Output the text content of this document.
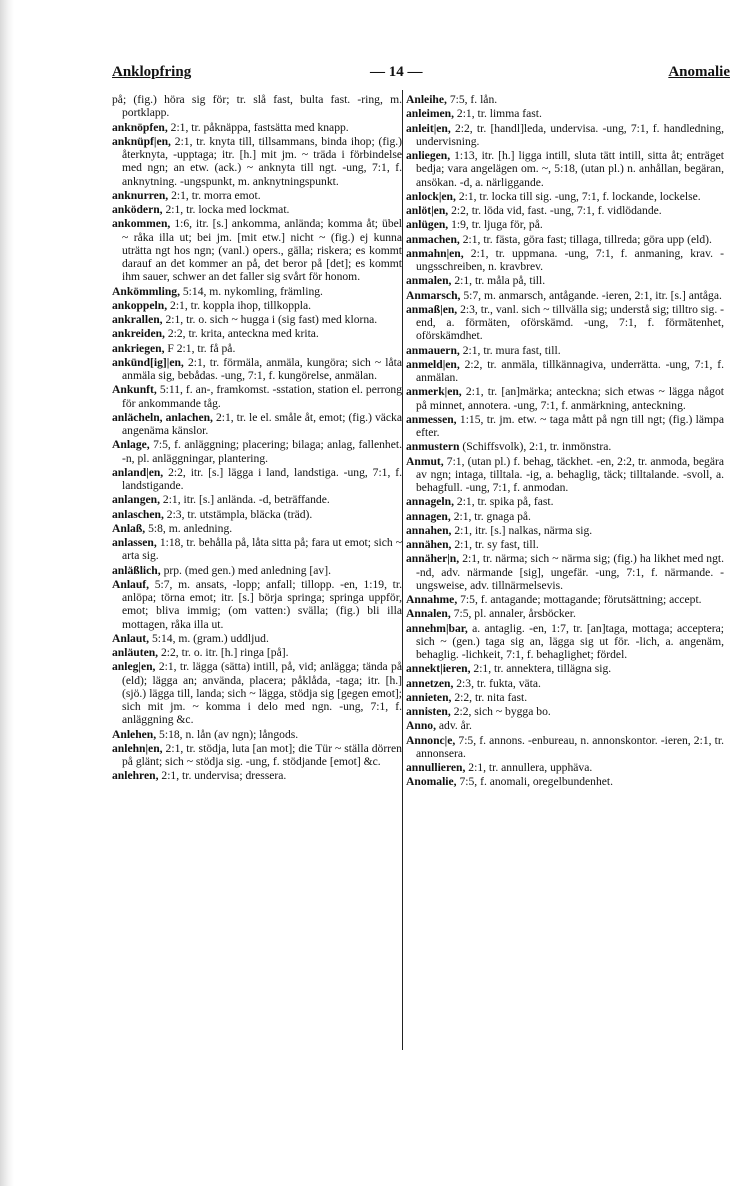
Anklopfring	— 14 —	Anomalie
på; (fig.) höra sig för; tr. slå fast, bulta fast. -ring, m. portklapp.
anknöpfen, 2:1, tr. påknäppa, fastsätta med knapp.
anknüpf|en, 2:1, tr. knyta till, tillsammans, binda ihop; (fig.) återknyta, -upptaga; itr. [h.] mit jm. ~ träda i förbindelse med ngn; an etw. (ack.) ~ anknyta till ngt. -ung, 7:1, f. anknytning. -ungspunkt, m. anknytningspunkt.
anknurren, 2:1, tr. morra emot.
anködern, 2:1, tr. locka med lockmat.
ankommen, 1:6, itr. [s.] ankomma, anlända; komma åt; übel ~ råka illa ut; bei jm. [mit etw.] nicht ~ (fig.) ej kunna uträtta ngt hos ngn; (vanl.) opers., gälla; riskera; es kommt darauf an det kommer an på, det beror på [det]; es kommt ihm sauer, schwer an det faller sig svårt för honom.
Ankömmling, 5:14, m. nykomling, främling.
ankoppeln, 2:1, tr. koppla ihop, tillkoppla.
ankrallen, 2:1, tr. o. sich ~ hugga i (sig fast) med klorna.
ankreiden, 2:2, tr. krita, anteckna med krita.
ankriegen, F 2:1, tr. få på.
ankünd[ig]|en, 2:1, tr. förmäla, anmäla, kungöra; sich ~ låta anmäla sig, bebådas. -ung, 7:1, f. kungörelse, anmälan.
Ankunft, 5:11, f. an-, framkomst. -sstation, station el. perrong för ankommande tåg.
anlächeln, anlachen, 2:1, tr. le el. småle åt, emot; (fig.) väcka angenäma känslor.
Anlage, 7:5, f. anläggning; placering; bilaga; anlag, fallenhet. -n, pl. anläggningar, plantering.
anland|en, 2:2, itr. [s.] lägga i land, landstiga. -ung, 7:1, f. landstigande.
anlangen, 2:1, itr. [s.] anlända. -d, beträffande.
anlaschen, 2:3, tr. utstämpla, bläcka (träd).
Anlaß, 5:8, m. anledning.
anlassen, 1:18, tr. behålla på, låta sitta på; fara ut emot; sich ~ arta sig.
anläßlich, prp. (med gen.) med anledning [av].
Anlauf, 5:7, m. ansats, -lopp; anfall; tillopp. -en, 1:19, tr. anlöpa; törna emot; itr. [s.] börja springa; springa uppför, emot; bliva immig; (om vatten:) svälla; (fig.) bli illa mottagen, råka illa ut.
Anlaut, 5:14, m. (gram.) uddljud.
anläuten, 2:2, tr. o. itr. [h.] ringa [på].
anleg|en, 2:1, tr. lägga (sätta) intill, på, vid; anlägga; tända på (eld); lägga an; använda, placera; påklåda, -taga; itr. [h.] (sjö.) lägga till, landa; sich ~ lägga, stödja sig [gegen emot]; sich mit jm. ~ komma i delo med ngn. -ung, 7:1, f. anläggning &c.
Anlehen, 5:18, n. lån (av ngn); långods.
anlehn|en, 2:1, tr. stödja, luta [an mot]; die Tür ~ ställa dörren på glänt; sich ~ stödja sig. -ung, f. stödjande [emot] &c.
anlehren, 2:1, tr. undervisa; dressera.
Anleihe, 7:5, f. lån.
anleimen, 2:1, tr. limma fast.
anleit|en, 2:2, tr. [handl]leda, undervisa. -ung, 7:1, f. handledning, undervisning.
anliegen, 1:13, itr. [h.] ligga intill, sluta tätt intill, sitta åt; enträget bedja; vara angelägen om. ~, 5:18, (utan pl.) n. anhållan, begäran, ansökan. -d, a. närliggande.
anlock|en, 2:1, tr. locka till sig. -ung, 7:1, f. lockande, lockelse.
anlöt|en, 2:2, tr. löda vid, fast. -ung, 7:1, f. vidlödande.
anlügen, 1:9, tr. ljuga för, på.
anmachen, 2:1, tr. fästa, göra fast; tillaga, tillreda; göra upp (eld).
anmahn|en, 2:1, tr. uppmana. -ung, 7:1, f. anmaning, krav. -ungsschreiben, n. kravbrev.
anmalen, 2:1, tr. måla på, till.
Anmarsch, 5:7, m. anmarsch, antågande. -ieren, 2:1, itr. [s.] antåga.
anmaß|en, 2:3, tr., vanl. sich ~ tillvälla sig; understå sig; tilltro sig. -end, a. förmäten, oförskämd. -ung, 7:1, f. förmätenhet, oförskämdhet.
anmauern, 2:1, tr. mura fast, till.
anmeld|en, 2:2, tr. anmäla, tillkännagiva, underrätta. -ung, 7:1, f. anmälan.
anmerk|en, 2:1, tr. [an]märka; anteckna; sich etwas ~ lägga något på minnet, annotera. -ung, 7:1, f. anmärkning, anteckning.
anmessen, 1:15, tr. jm. etw. ~ taga mått på ngn till ngt; (fig.) lämpa efter.
anmustern (Schiffsvolk), 2:1, tr. inmönstra.
Anmut, 7:1, (utan pl.) f. behag, täckhet. -en, 2:2, tr. anmoda, begära av ngn; intaga, tilltala. -ig, a. behaglig, täck; tilltalande. -svoll, a. behagfull. -ung, 7:1, f. anmodan.
annageln, 2:1, tr. spika på, fast.
annagen, 2:1, tr. gnaga på.
annahen, 2:1, itr. [s.] nalkas, närma sig.
annähen, 2:1, tr. sy fast, till.
annäher|n, 2:1, tr. närma; sich ~ närma sig; (fig.) ha likhet med ngt. -nd, adv. närmande [sig], ungefär. -ung, 7:1, f. närmande. -ungsweise, adv. tillnärmelsevis.
Annahme, 7:5, f. antagande; mottagande; förutsättning; accept.
Annalen, 7:5, pl. annaler, årsböcker.
annehm|bar, a. antaglig. -en, 1:7, tr. [an]taga, mottaga; acceptera; sich ~ (gen.) taga sig an, lägga sig ut för. -lich, a. angenäm, behaglig. -lichkeit, 7:1, f. behaglighet; fördel.
annekt|ieren, 2:1, tr. annektera, tillägna sig.
annetzen, 2:3, tr. fukta, väta.
annieten, 2:2, tr. nita fast.
annisten, 2:2, sich ~ bygga bo.
Anno, adv. år.
Annonc|e, 7:5, f. annons. -enbureau, n. annonskontor. -ieren, 2:1, tr. annonsera.
annullieren, 2:1, tr. annullera, upphäva.
Anomalie, 7:5, f. anomali, oregelbundenhet.
